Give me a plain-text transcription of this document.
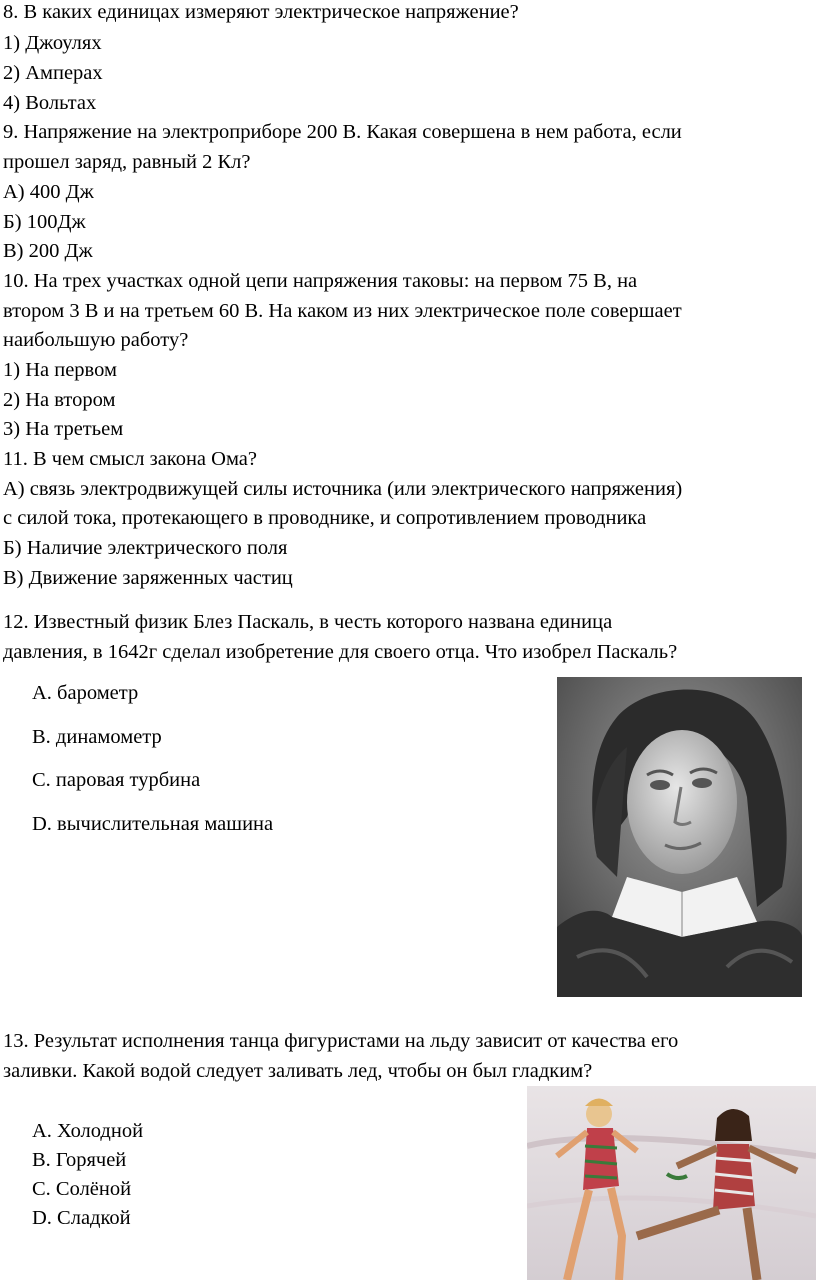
8. В каких единицах измеряют электрическое напряжение?
1) Джоулях
2) Амперах
4) Вольтах
9. Напряжение на электроприборе 200 В. Какая совершена в нем работа, если
прошел заряд, равный 2 Кл?
А) 400 Дж
Б) 100Дж
В) 200 Дж
10. На трех участках одной цепи напряжения таковы: на первом 75 В, на
втором 3 В и на третьем 60 В. На каком из них электрическое поле совершает
наибольшую работу?
1) На первом
2) На втором
3) На третьем
11. В чем смысл закона Ома?
А) связь электродвижущей силы источника (или электрического напряжения)
с силой тока, протекающего в проводнике, и сопротивлением проводника
Б) Наличие электрического поля
В) Движение заряженных частиц
12. Известный физик Блез Паскаль, в честь которого названа единица
давления, в 1642г сделал изобретение для своего отца. Что изобрел Паскаль?
A. барометр
B. динамометр
C. паровая турбина
D. вычислительная машина
13. Результат исполнения танца фигуристами на льду зависит от качества его
заливки. Какой водой следует заливать лед, чтобы он был гладким?
A. Холодной
B. Горячей
C. Солёной
D. Сладкой
